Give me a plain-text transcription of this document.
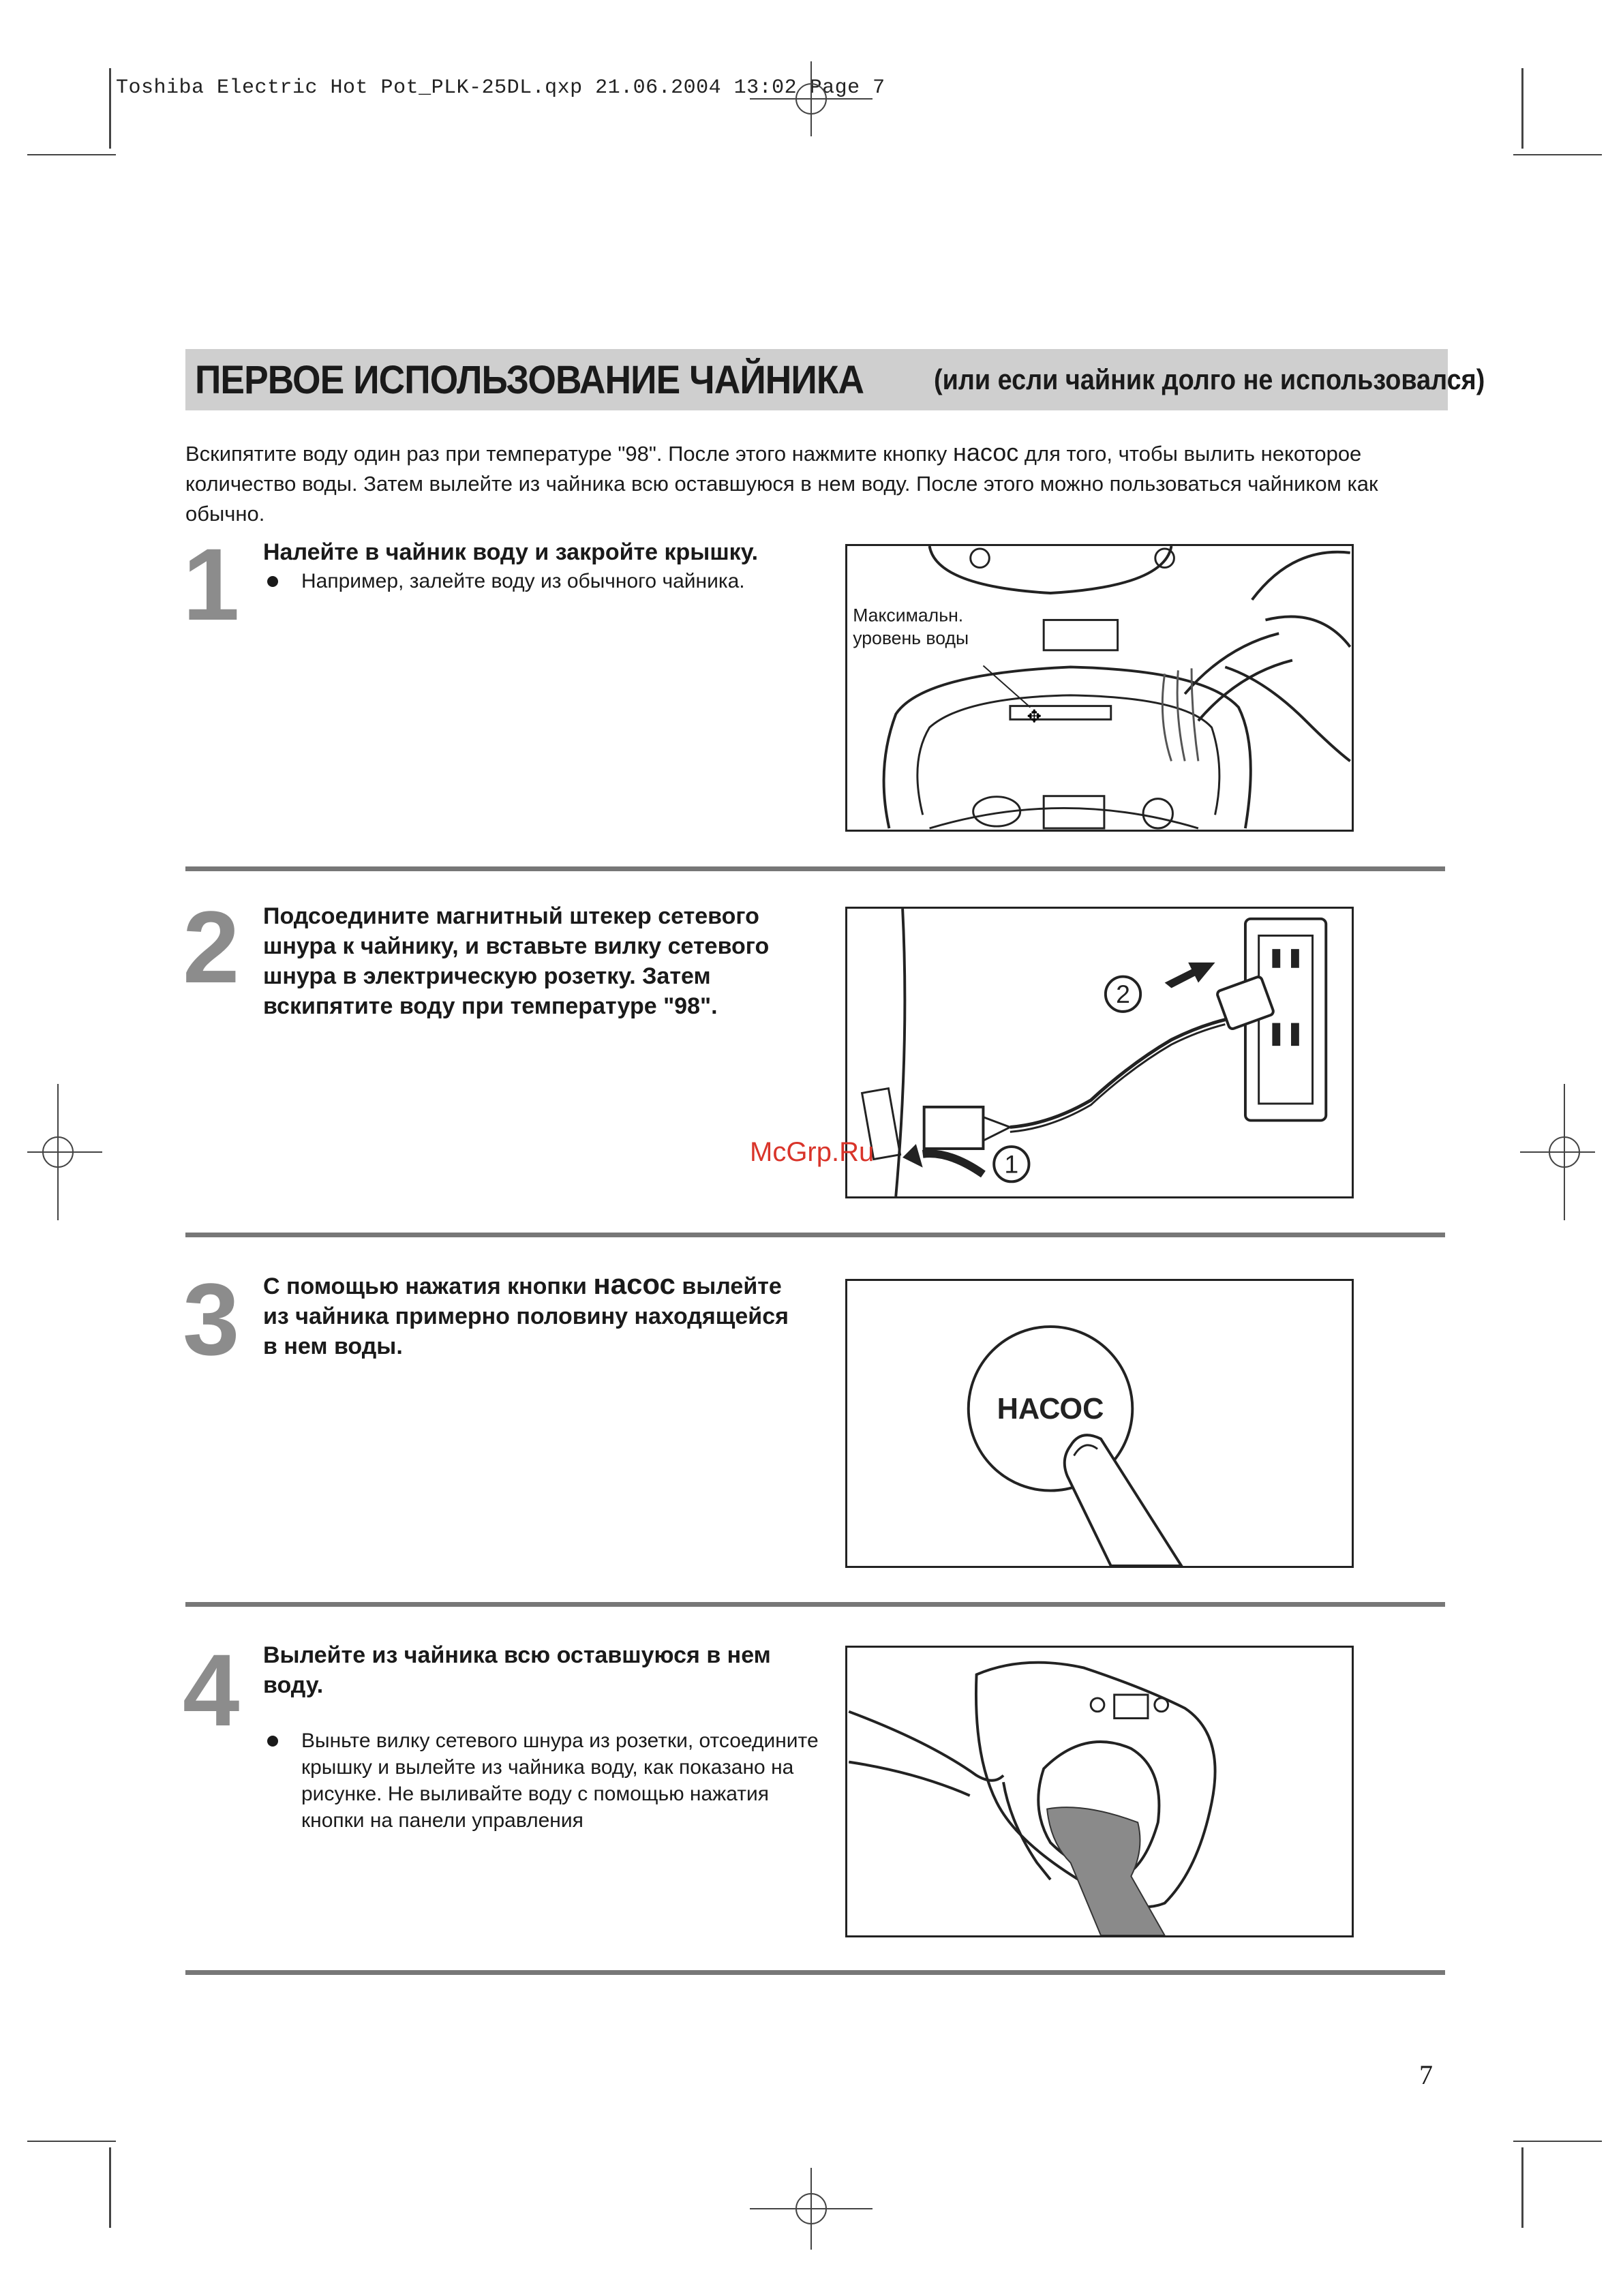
Toshiba Electric Hot Pot_PLK-25DL.qxp 21.06.2004 13:02 Page 7
ПЕРВОЕ ИСПОЛЬЗОВАНИЕ ЧАЙНИКА (или если чайник долго не использовался)
Вскипятите воду один раз при температуре "98". После этого нажмите кнопку насос для того, чтобы вылить некоторое количество воды. Затем вылейте из чайника всю оставшуюся в нем воду. После этого можно пользоваться чайником как обычно.
1 Налейте в чайник воду и закройте крышку.
Например, залейте воду из обычного чайника.
✥
Максимальн.
уровень воды
2 Подсоедините магнитный штекер сетевого шнура к чайнику, и вставьте вилку сетевого шнура в электрическую розетку. Затем вскипятите воду при температуре "98".	2
1
McGrp.Ru
3 С помощью нажатия кнопки насос вылейте из чайника примерно половину находящейся в нем воды.
НАСОС
4 Вылейте из чайника всю оставшуюся в нем воду.
Выньте вилку сетевого шнура из розетки, отсоедините крышку и вылейте из чайника воду, как показано на рисунке. Не выливайте воду с помощью нажатия кнопки на панели управления
7
